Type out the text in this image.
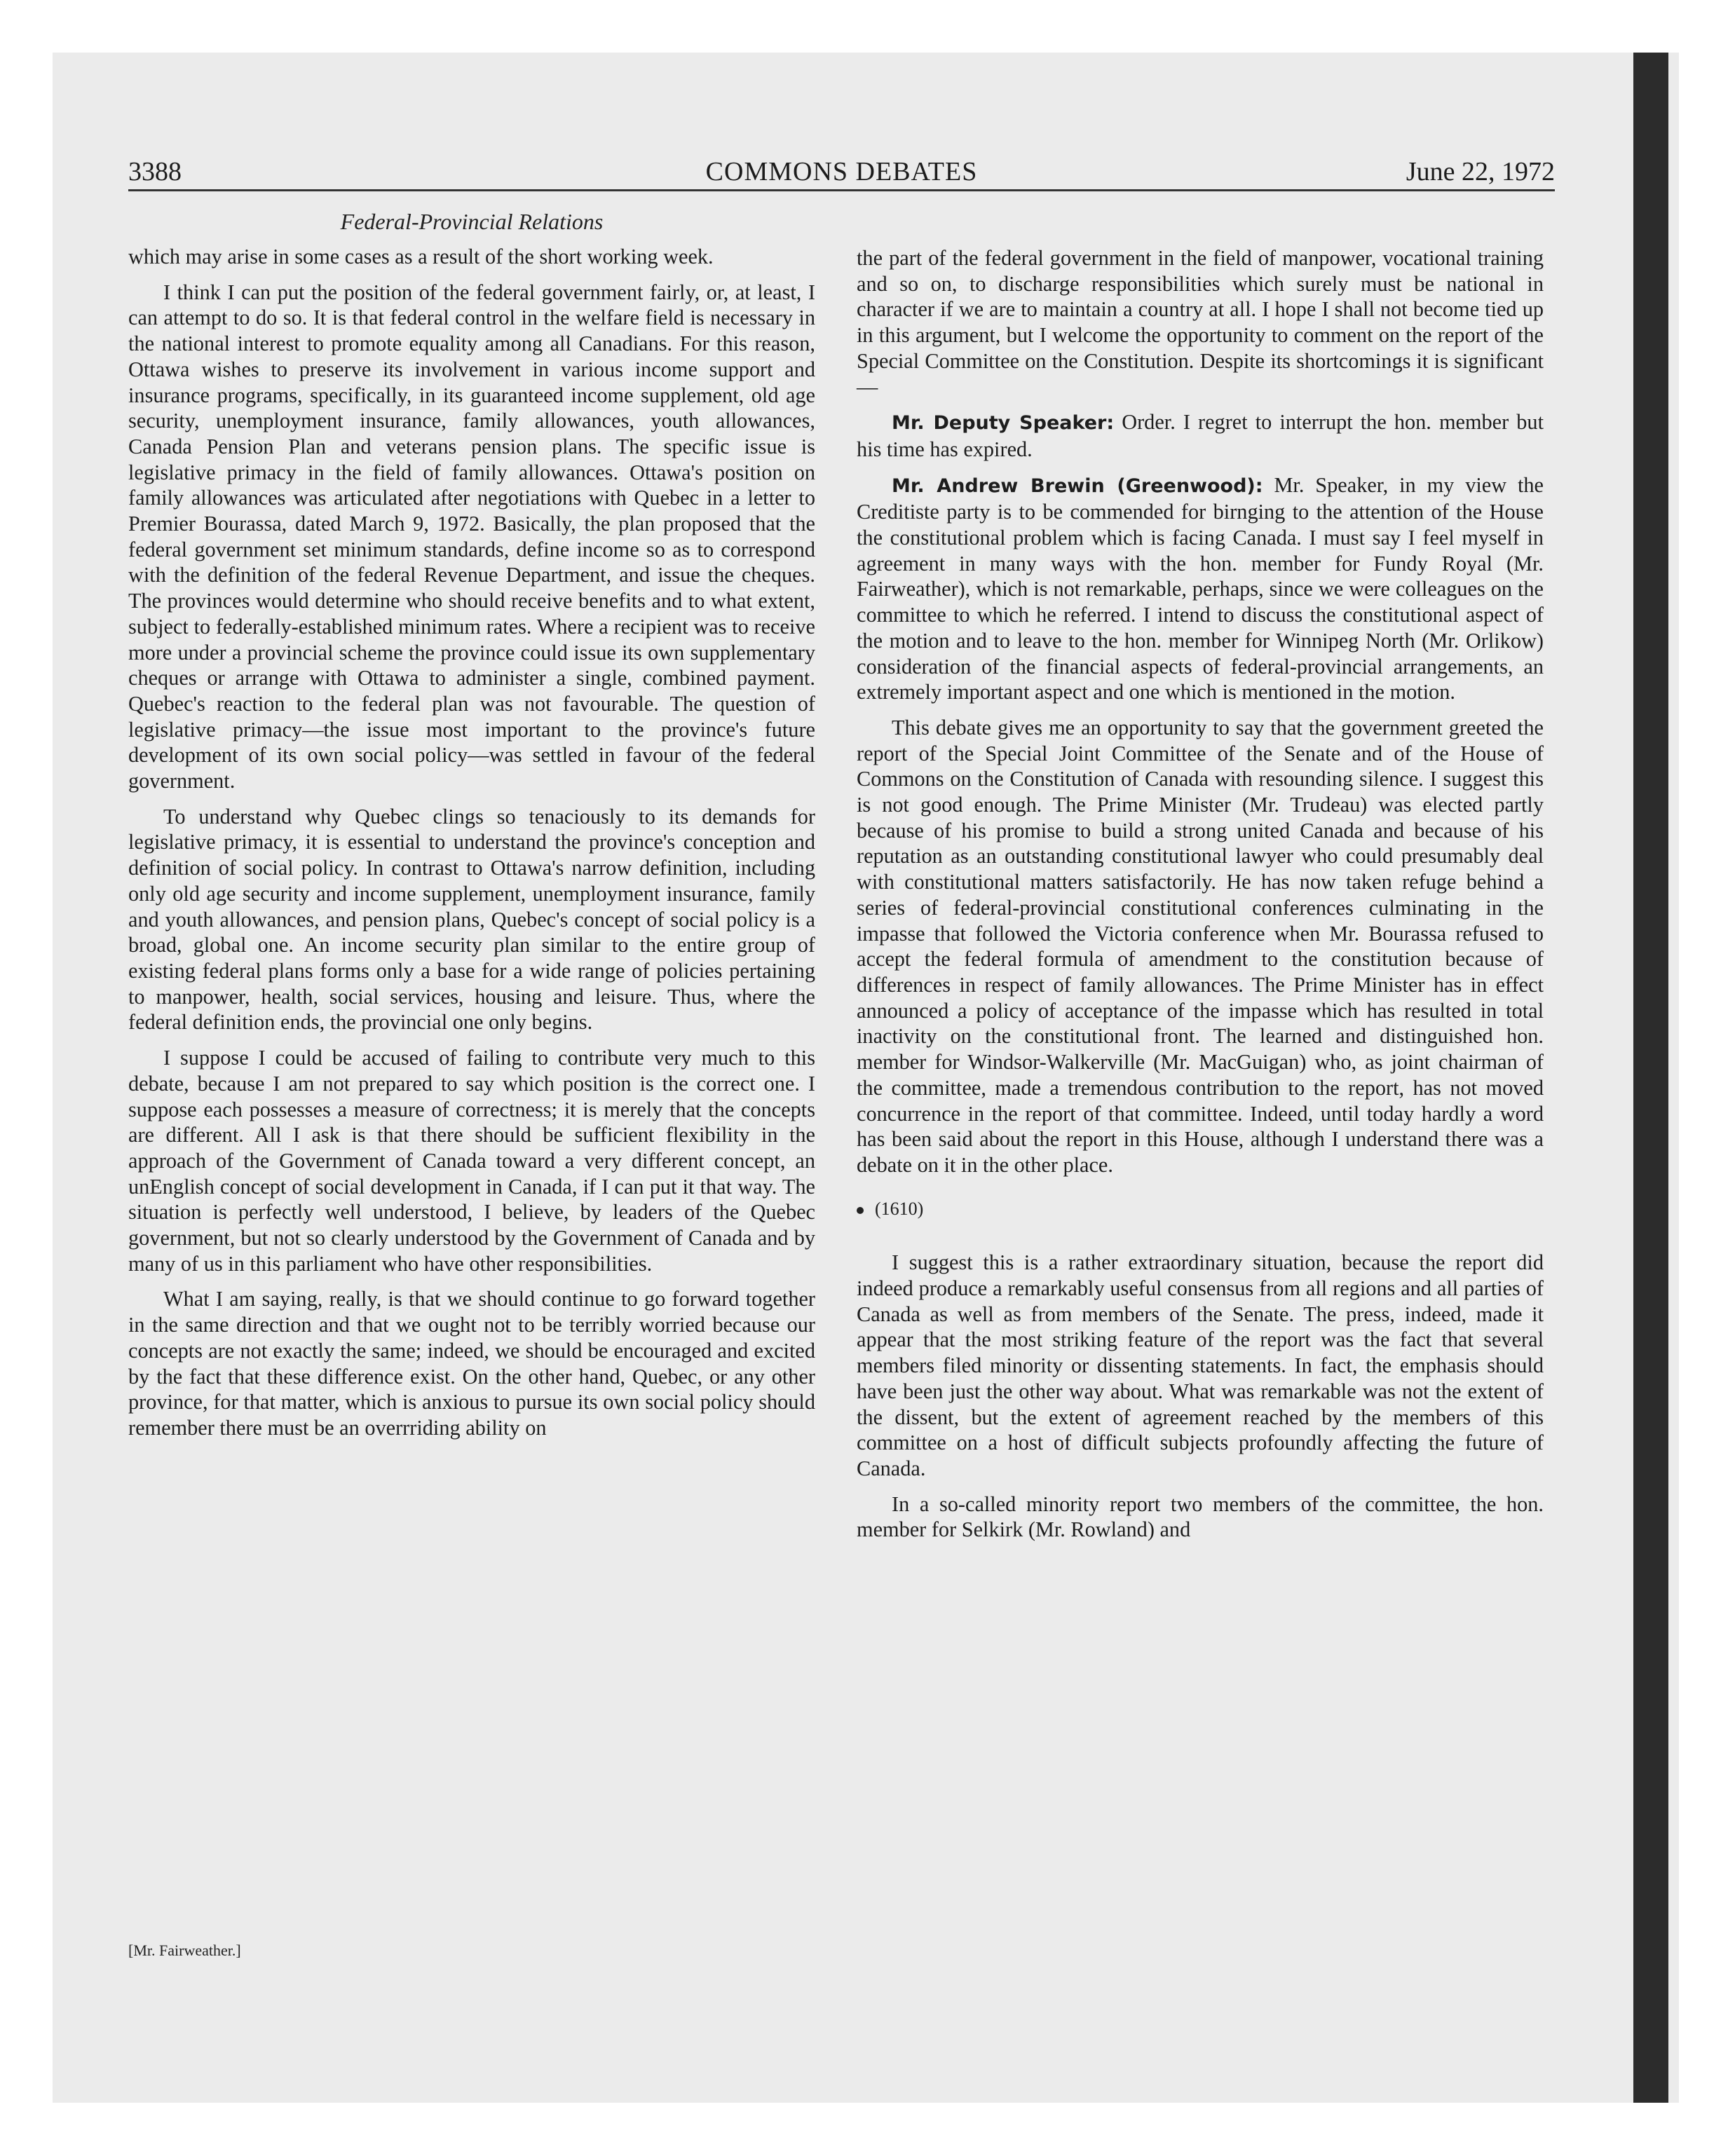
3388	COMMONS DEBATES	June 22, 1972
Federal-Provincial Relations

which may arise in some cases as a result of the short working week.

I think I can put the position of the federal government fairly, or, at least, I can attempt to do so. It is that federal control in the welfare field is necessary in the national interest to promote equality among all Canadians. For this reason, Ottawa wishes to preserve its involvement in various income support and insurance programs, specifically, in its guaranteed income supplement, old age security, unemployment insurance, family allowances, youth allowances, Canada Pension Plan and veterans pension plans. The specific issue is legislative primacy in the field of family allowances. Ottawa's position on family allowances was articulated after negotiations with Quebec in a letter to Premier Bourassa, dated March 9, 1972. Basically, the plan proposed that the federal government set minimum standards, define income so as to correspond with the definition of the federal Revenue Department, and issue the cheques. The provinces would determine who should receive benefits and to what extent, subject to federally-established minimum rates. Where a recipient was to receive more under a provincial scheme the province could issue its own supplementary cheques or arrange with Ottawa to administer a single, combined payment. Quebec's reaction to the federal plan was not favourable. The question of legislative primacy—the issue most important to the province's future development of its own social policy—was settled in favour of the federal government.

To understand why Quebec clings so tenaciously to its demands for legislative primacy, it is essential to understand the province's conception and definition of social policy. In contrast to Ottawa's narrow definition, including only old age security and income supplement, unemployment insurance, family and youth allowances, and pension plans, Quebec's concept of social policy is a broad, global one. An income security plan similar to the entire group of existing federal plans forms only a base for a wide range of policies pertaining to manpower, health, social services, housing and leisure. Thus, where the federal definition ends, the provincial one only begins.

I suppose I could be accused of failing to contribute very much to this debate, because I am not prepared to say which position is the correct one. I suppose each possesses a measure of correctness; it is merely that the concepts are different. All I ask is that there should be sufficient flexibility in the approach of the Government of Canada toward a very different concept, an unEnglish concept of social development in Canada, if I can put it that way. The situation is perfectly well understood, I believe, by leaders of the Quebec government, but not so clearly understood by the Government of Canada and by many of us in this parliament who have other responsibilities.

What I am saying, really, is that we should continue to go forward together in the same direction and that we ought not to be terribly worried because our concepts are not exactly the same; indeed, we should be encouraged and excited by the fact that these difference exist. On the other hand, Quebec, or any other province, for that matter, which is anxious to pursue its own social policy should remember there must be an overrriding ability on

[Mr. Fairweather.]

the part of the federal government in the field of manpower, vocational training and so on, to discharge responsibilities which surely must be national in character if we are to maintain a country at all. I hope I shall not become tied up in this argument, but I welcome the opportunity to comment on the report of the Special Committee on the Constitution. Despite its shortcomings it is significant—

Mr. Deputy Speaker: Order. I regret to interrupt the hon. member but his time has expired.

Mr. Andrew Brewin (Greenwood): Mr. Speaker, in my view the Creditiste party is to be commended for birnging to the attention of the House the constitutional problem which is facing Canada. I must say I feel myself in agreement in many ways with the hon. member for Fundy Royal (Mr. Fairweather), which is not remarkable, perhaps, since we were colleagues on the committee to which he referred. I intend to discuss the constitutional aspect of the motion and to leave to the hon. member for Winnipeg North (Mr. Orlikow) consideration of the financial aspects of federal-provincial arrangements, an extremely important aspect and one which is mentioned in the motion.

This debate gives me an opportunity to say that the government greeted the report of the Special Joint Committee of the Senate and of the House of Commons on the Constitution of Canada with resounding silence. I suggest this is not good enough. The Prime Minister (Mr. Trudeau) was elected partly because of his promise to build a strong united Canada and because of his reputation as an outstanding constitutional lawyer who could presumably deal with constitutional matters satisfactorily. He has now taken refuge behind a series of federal-provincial constitutional conferences culminating in the impasse that followed the Victoria conference when Mr. Bourassa refused to accept the federal formula of amendment to the constitution because of differences in respect of family allowances. The Prime Minister has in effect announced a policy of acceptance of the impasse which has resulted in total inactivity on the constitutional front. The learned and distinguished hon. member for Windsor-Walkerville (Mr. MacGuigan) who, as joint chairman of the committee, made a tremendous contribution to the report, has not moved concurrence in the report of that committee. Indeed, until today hardly a word has been said about the report in this House, although I understand there was a debate on it in the other place.

(1610)

I suggest this is a rather extraordinary situation, because the report did indeed produce a remarkably useful consensus from all regions and all parties of Canada as well as from members of the Senate. The press, indeed, made it appear that the most striking feature of the report was the fact that several members filed minority or dissenting statements. In fact, the emphasis should have been just the other way about. What was remarkable was not the extent of the dissent, but the extent of agreement reached by the members of this committee on a host of difficult subjects profoundly affecting the future of Canada.

In a so-called minority report two members of the committee, the hon. member for Selkirk (Mr. Rowland) and
